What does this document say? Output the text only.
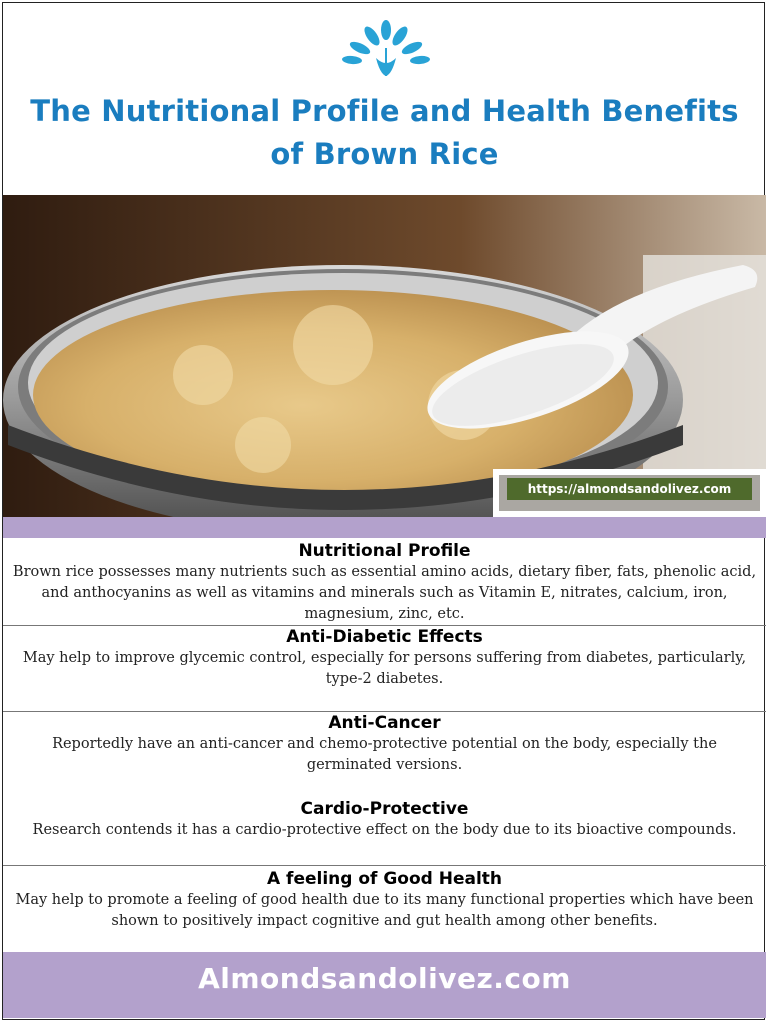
The Nutritional Profile and Health Benefits of Brown Rice
https://almondsandolivez.com
Nutritional Profile
Brown rice possesses many nutrients such as essential amino acids, dietary fiber, fats, phenolic acid, and anthocyanins as well as vitamins and minerals such as Vitamin E, nitrates, calcium, iron, magnesium, zinc, etc.
Anti-Diabetic Effects
May help to improve glycemic control, especially for persons suffering from diabetes, particularly, type-2 diabetes.
Anti-Cancer
Reportedly have an anti-cancer and chemo-protective potential on the body, especially the germinated versions.
Cardio-Protective
Research contends it has a cardio-protective effect on the body due to its bioactive compounds.
A feeling of Good Health
May help to promote a feeling of good health due to its many functional properties which have been shown to positively impact cognitive and gut health among other benefits.
Almondsandolivez.com
